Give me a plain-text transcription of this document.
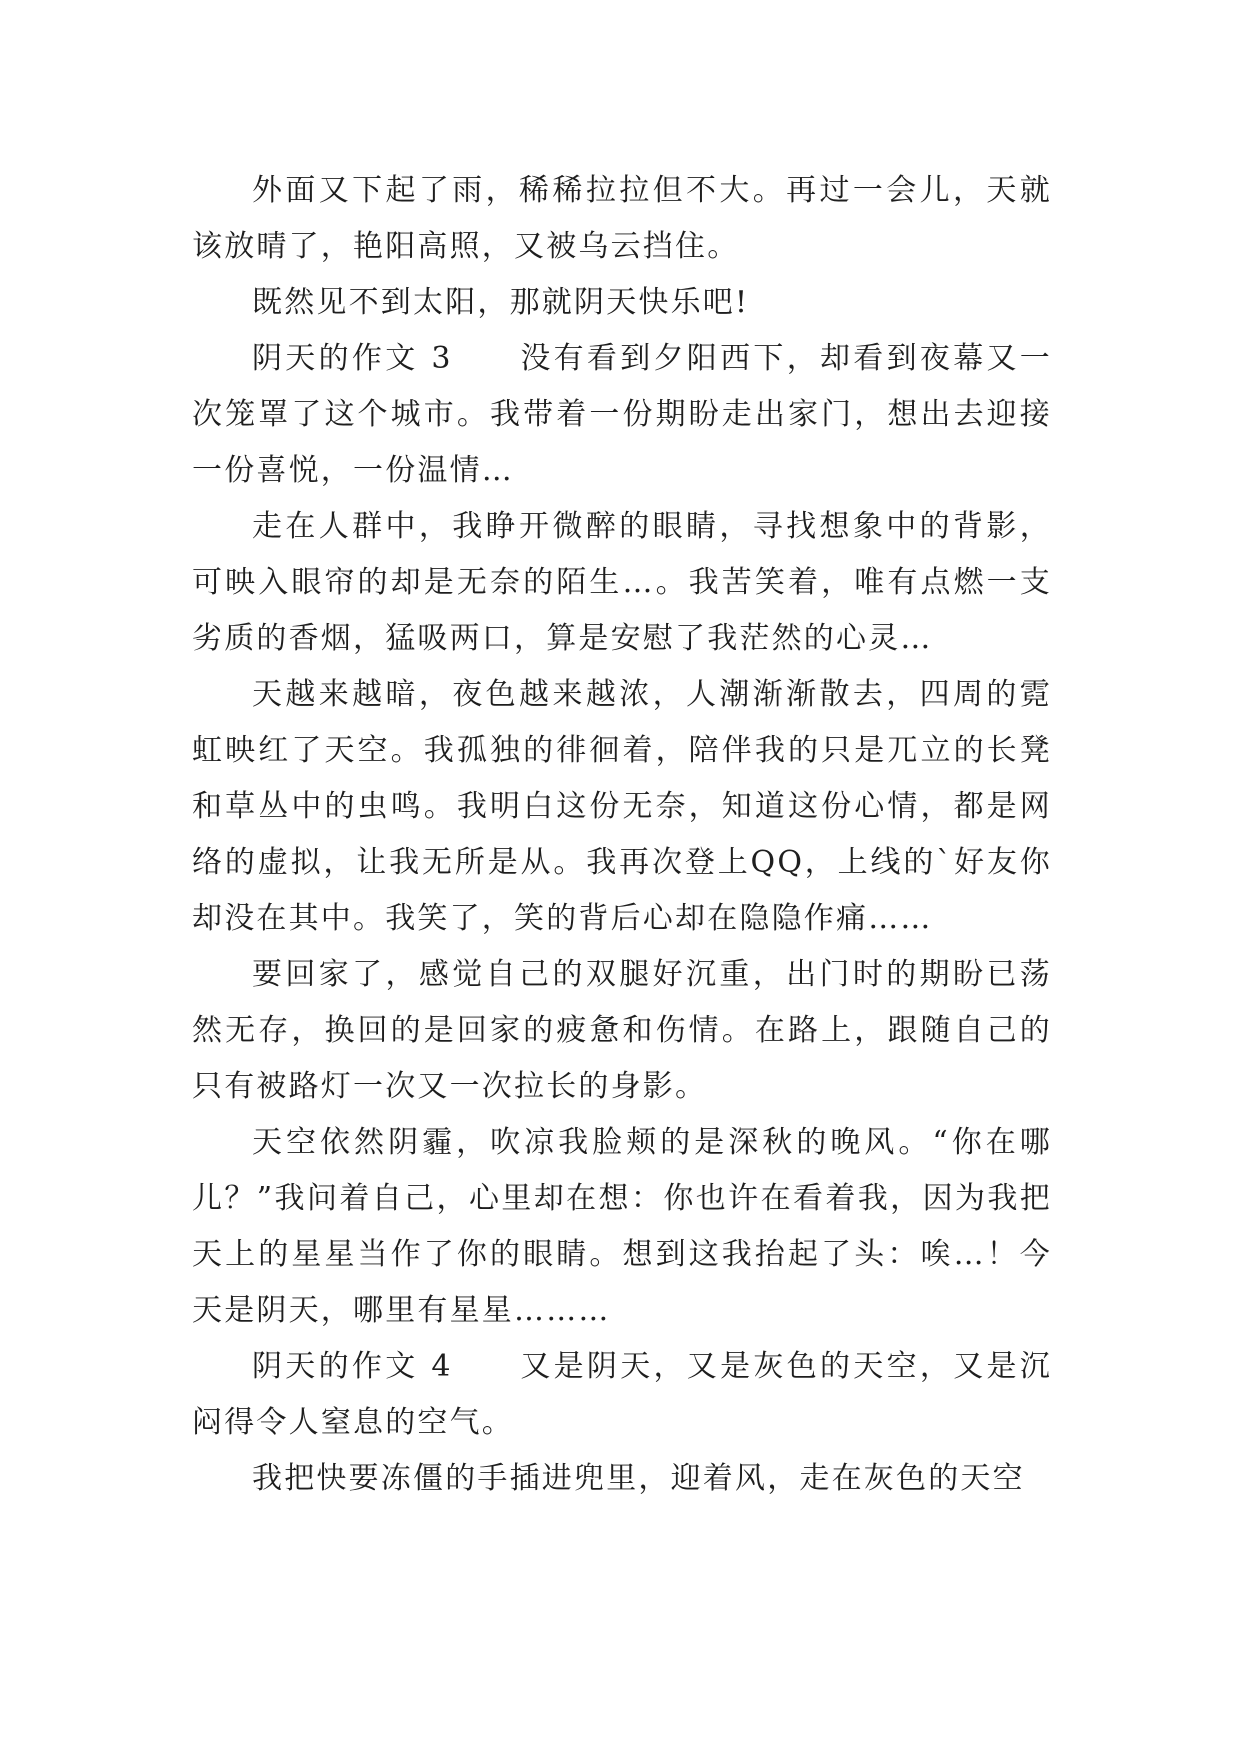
外面又下起了雨，稀稀拉拉但不大。再过一会儿，天就该放晴了，艳阳高照，又被乌云挡住。

既然见不到太阳，那就阴天快乐吧!

阴天的作文 3　　没有看到夕阳西下，却看到夜幕又一次笼罩了这个城市。我带着一份期盼走出家门，想出去迎接一份喜悦，一份温情…

走在人群中，我睁开微醉的眼睛，寻找想象中的背影，可映入眼帘的却是无奈的陌生…。我苦笑着，唯有点燃一支劣质的香烟，猛吸两口，算是安慰了我茫然的心灵…

天越来越暗，夜色越来越浓，人潮渐渐散去，四周的霓虹映红了天空。我孤独的徘徊着，陪伴我的只是兀立的长凳和草丛中的虫鸣。我明白这份无奈，知道这份心情，都是网络的虚拟，让我无所是从。我再次登上QQ，上线的`好友你却没在其中。我笑了，笑的背后心却在隐隐作痛……

要回家了，感觉自己的双腿好沉重，出门时的期盼已荡然无存，换回的是回家的疲惫和伤情。在路上，跟随自己的只有被路灯一次又一次拉长的身影。

天空依然阴霾，吹凉我脸颊的是深秋的晚风。“你在哪儿？”我问着自己，心里却在想：你也许在看着我，因为我把天上的星星当作了你的眼睛。想到这我抬起了头：唉…！今天是阴天，哪里有星星………

阴天的作文 4　　又是阴天，又是灰色的天空，又是沉闷得令人窒息的空气。

我把快要冻僵的手插进兜里，迎着风，走在灰色的天空
